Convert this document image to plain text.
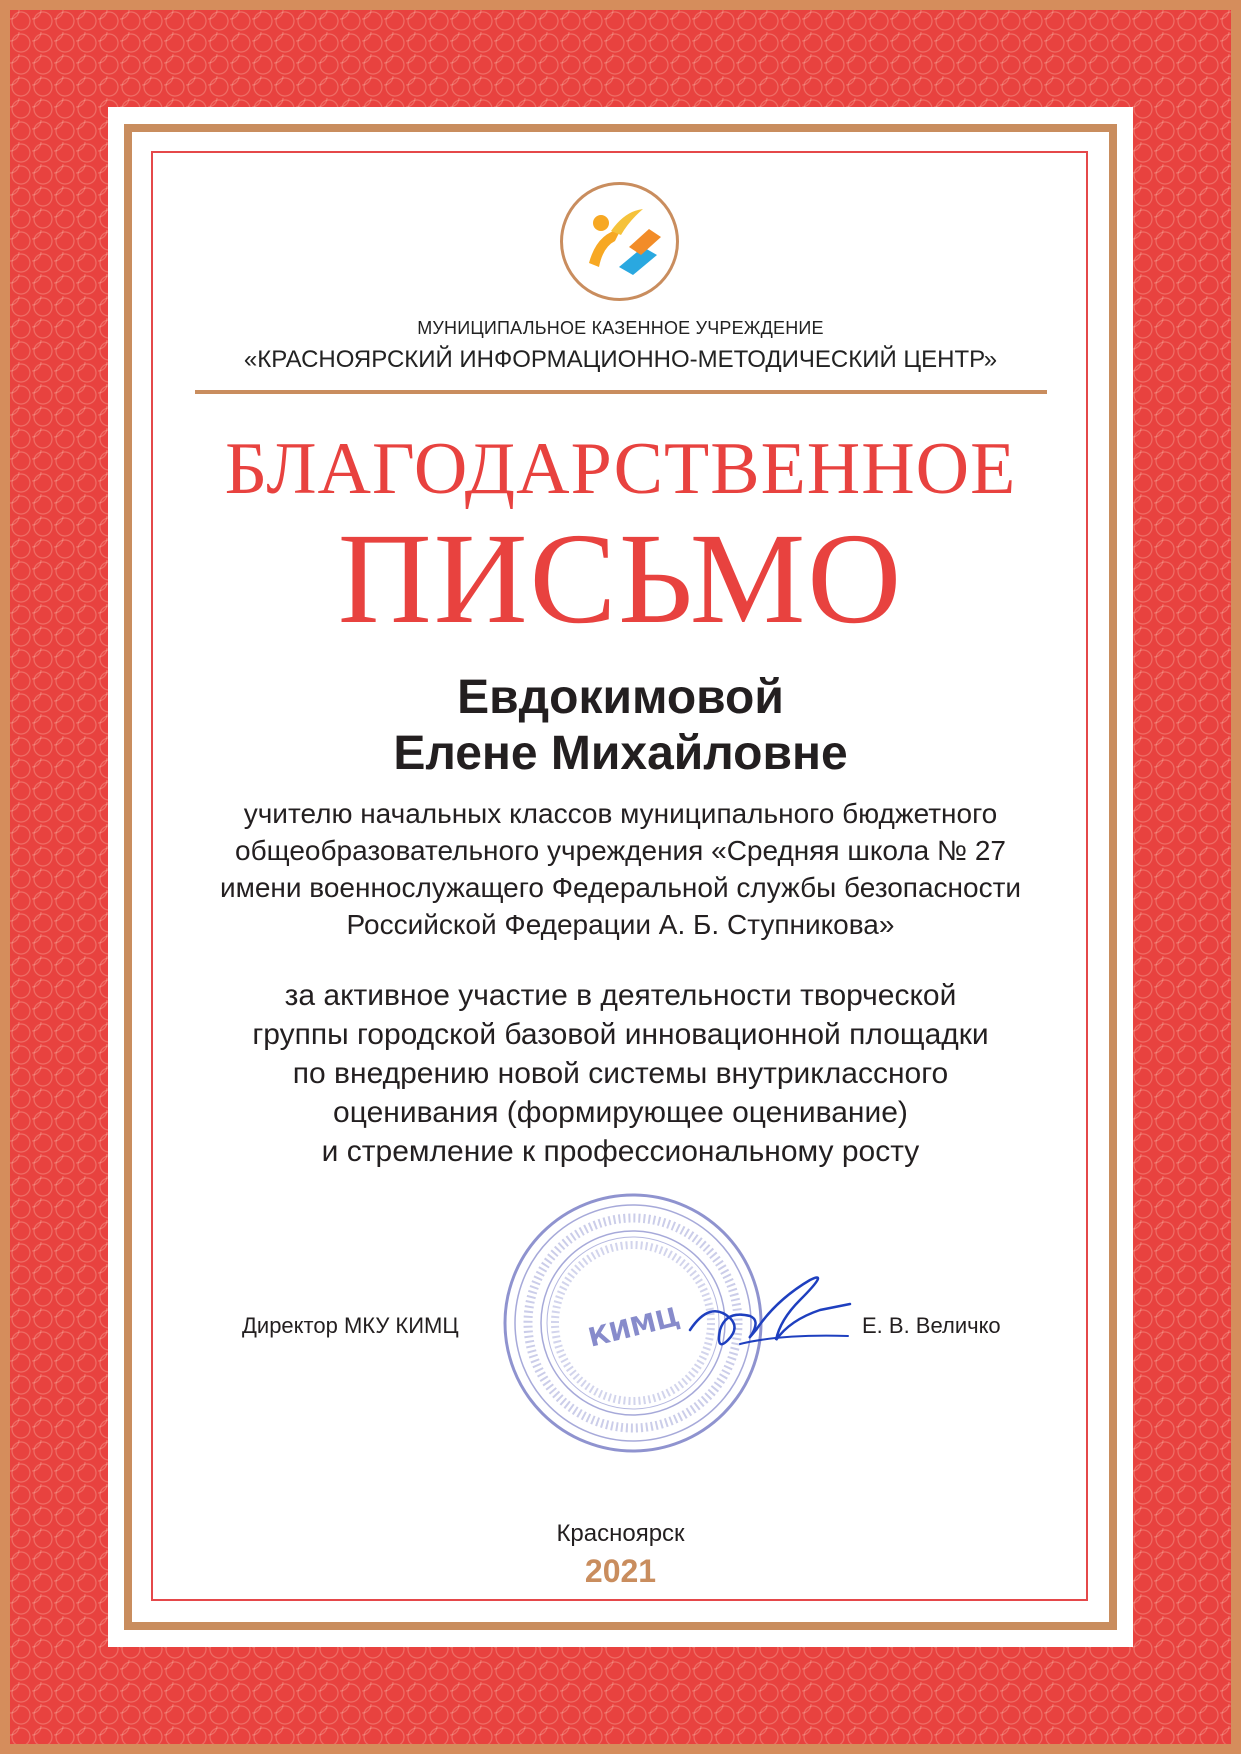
МУНИЦИПАЛЬНОЕ КАЗЕННОЕ УЧРЕЖДЕНИЕ
«КРАСНОЯРСКИЙ ИНФОРМАЦИОННО-МЕТОДИЧЕСКИЙ ЦЕНТР»
БЛАГОДАРСТВЕННОЕ
ПИСЬМО
Евдокимовой
Елене Михайловне
учителю начальных классов муниципального бюджетного
общеобразовательного учреждения «Средняя школа № 27
имени военнослужащего Федеральной службы безопасности
Российской Федерации А. Б. Ступникова»
за активное участие в деятельности творческой
группы городской базовой инновационной площадки
по внедрению новой системы внутриклассного
оценивания (формирующее оценивание)
и стремление к профессиональному росту
КИМЦ
Директор МКУ КИМЦ	Е. В. Величко
Красноярск
2021
